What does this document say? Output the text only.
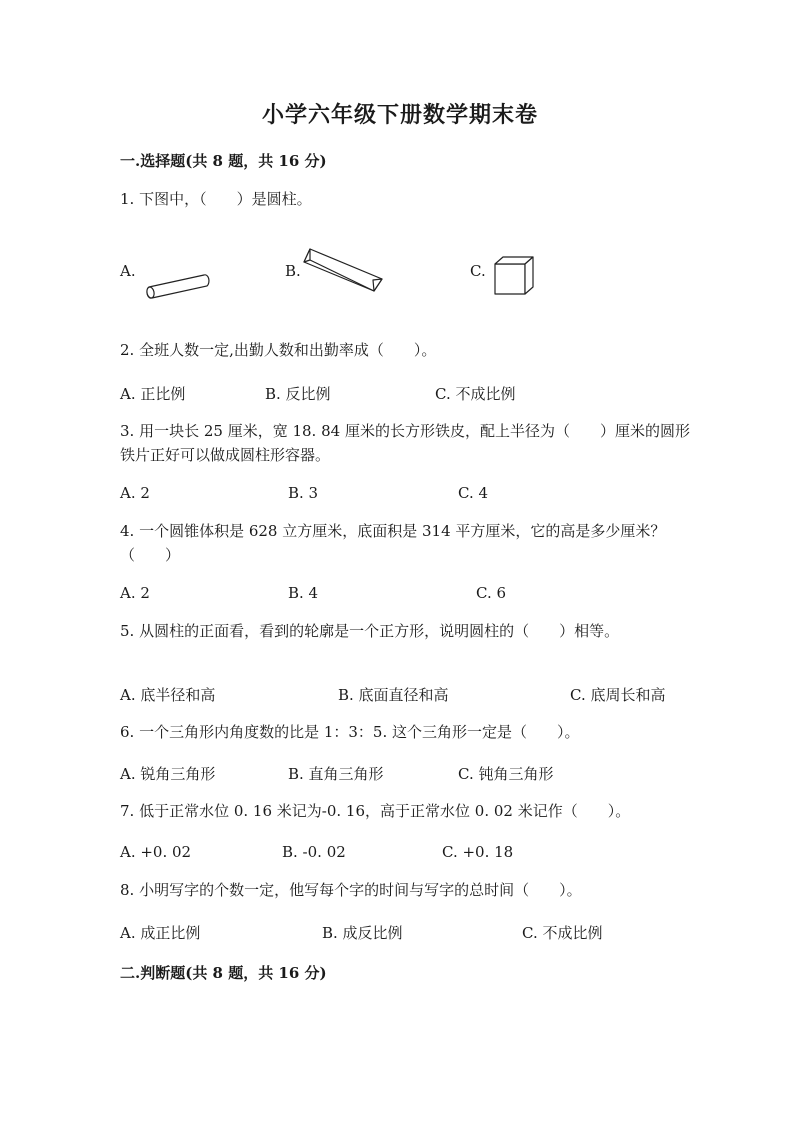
小学六年级下册数学期末卷
一.选择题(共 8 题，共 16 分)
1. 下图中，（　　）是圆柱。
A.	B.	C.
2. 全班人数一定,出勤人数和出勤率成（　　）。
A. 正比例	B. 反比例	C. 不成比例
3. 用一块长 25 厘米，宽 18. 84 厘米的长方形铁皮，配上半径为（　　）厘米的圆形铁片正好可以做成圆柱形容器。
A. 2	B. 3	C. 4
4. 一个圆锥体积是 628 立方厘米，底面积是 314 平方厘米，它的高是多少厘米？（　　）
A. 2	B. 4	C. 6
5. 从圆柱的正面看，看到的轮廓是一个正方形，说明圆柱的（　　）相等。
A. 底半径和高	B. 底面直径和高	C. 底周长和高
6. 一个三角形内角度数的比是 1：3：5. 这个三角形一定是（　　）。
A. 锐角三角形	B. 直角三角形	C. 钝角三角形
7. 低于正常水位 0. 16 米记为-0. 16，高于正常水位 0. 02 米记作（　　）。
A. +0. 02	B. -0. 02	C. +0. 18
8. 小明写字的个数一定，他写每个字的时间与写字的总时间（　　）。
A. 成正比例	B. 成反比例	C. 不成比例
二.判断题(共 8 题，共 16 分)
